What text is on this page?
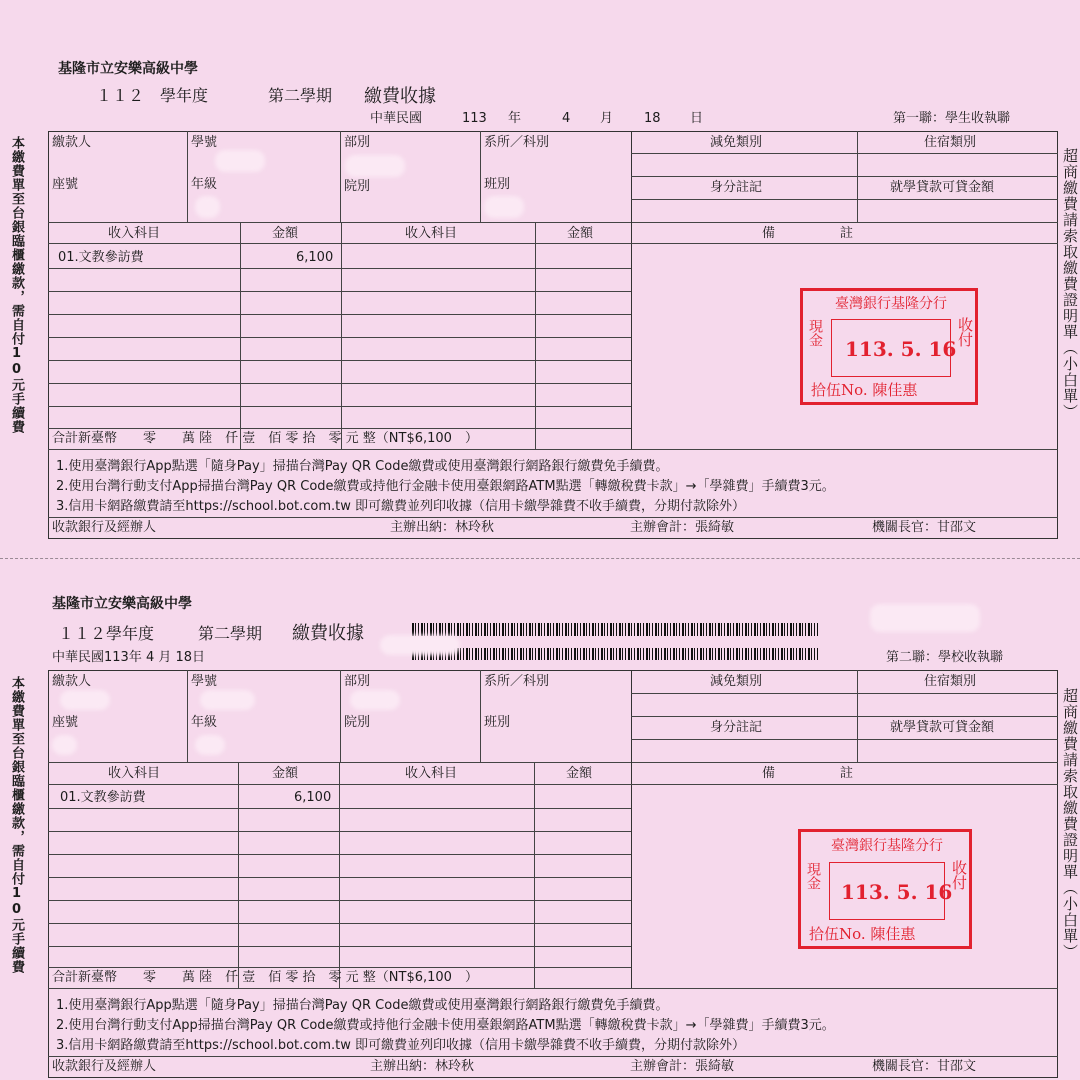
基隆市立安樂高級中學
１１２　學年度	第二學期 繳費收據
中華民國	113 年	4 月 18 日	第一聯：學生收執聯
本繳費單至台銀臨櫃繳款，需自付10元手續費	超商繳費請索取繳費證明單（小白單）
繳款人	學號	部別	系所／科別
座號	年級	院別	班別
減免類別	住宿類別
身分註記	就學貸款可貸金額
收入科目	金額	收入科目	金額	備　　　　　註
01.文教參訪費	6,100
合計新臺幣　　零　　萬 陸　仟 壹　佰 零 拾　零 元 整（NT$6,100　）
1.使用臺灣銀行App點選「隨身Pay」掃描台灣Pay QR Code繳費或使用臺灣銀行網路銀行繳費免手續費。
2.使用台灣行動支付App掃描台灣Pay QR Code繳費或持他行金融卡使用臺銀網路ATM點選「轉繳稅費卡款」→「學雜費」手續費3元。
3.信用卡網路繳費請至https://school.bot.com.tw 即可繳費並列印收據（信用卡繳學雜費不收手續費，分期付款除外）
收款銀行及經辦人	主辦出納：林玲秋	主辦會計：張綺敏	機關長官：甘邵文
臺灣銀行基隆分行
現金	收付
113. 5. 16
拾伍No. 陳佳惠
基隆市立安樂高級中學
１１２學年度	第二學期 繳費收據
中華民國113年 4 月 18日	第二聯：學校收執聯
本繳費單至台銀臨櫃繳款，需自付10元手續費	超商繳費請索取繳費證明單（小白單）
繳款人	學號	部別	系所／科別
座號	年級	院別	班別
減免類別	住宿類別
身分註記	就學貸款可貸金額
收入科目	金額	收入科目	金額	備　　　　　註
01.文教參訪費	6,100
合計新臺幣　　零　　萬 陸　仟 壹　佰 零 拾　零 元 整（NT$6,100　）
1.使用臺灣銀行App點選「隨身Pay」掃描台灣Pay QR Code繳費或使用臺灣銀行網路銀行繳費免手續費。
2.使用台灣行動支付App掃描台灣Pay QR Code繳費或持他行金融卡使用臺銀網路ATM點選「轉繳稅費卡款」→「學雜費」手續費3元。
3.信用卡網路繳費請至https://school.bot.com.tw 即可繳費並列印收據（信用卡繳學雜費不收手續費，分期付款除外）
收款銀行及經辦人	主辦出納：林玲秋	主辦會計：張綺敏	機關長官：甘邵文
臺灣銀行基隆分行
現金	收付
113. 5. 16
拾伍No. 陳佳惠
